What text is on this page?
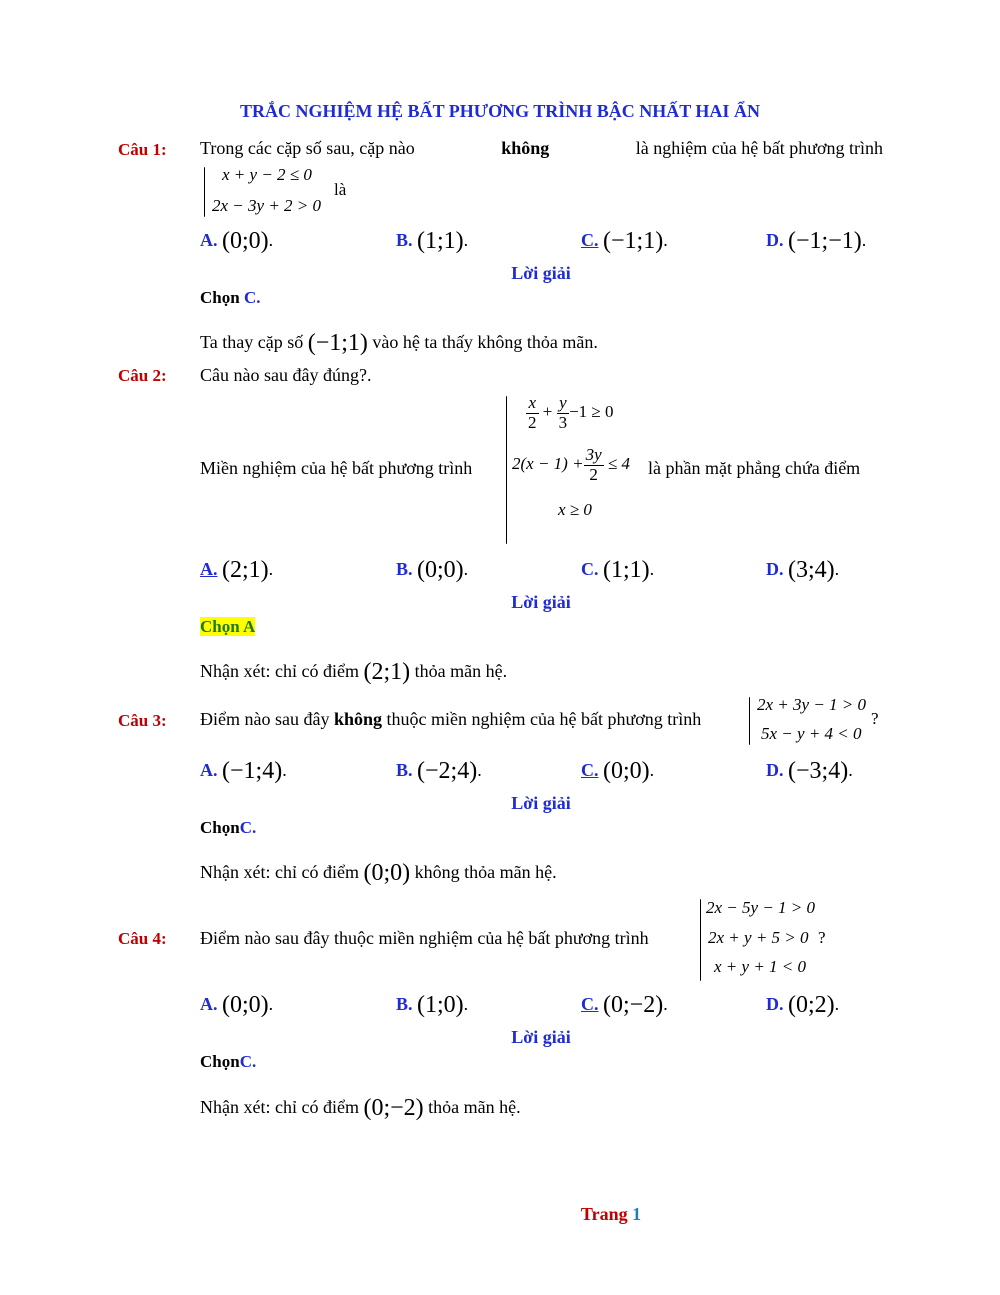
TRẮC NGHIỆM HỆ BẤT PHƯƠNG TRÌNH BẬC NHẤT HAI ẨN
Câu 1: Trong các cặp số sau, cặp nào	không	là nghiệm của hệ bất phương trình
x + y − 2 ≤ 0
2x − 3y + 2 > 0
là
A. (0;0).	B. (1;1).	C. (−1;1).	D. (−1;−1).
Lời giải
Chọn C.
Ta thay cặp số (−1;1) vào hệ ta thấy không thỏa mãn.
Câu 2: Câu nào sau đây đúng?.
Miền nghiệm của hệ bất phương trình
$\frac{x}{2} + \frac{y}{3} -1 \ge 0$
$2(x - 1) + \frac{3y}{2} \le 4$
x ≥ 0
là phần mặt phẳng chứa điểm
A. (2;1).	B. (0;0).	C. (1;1).	D. (3;4).
Lời giải
Chọn A
Nhận xét: chỉ có điểm (2;1) thỏa mãn hệ.
Câu 3: Điểm nào sau đây không thuộc miền nghiệm của hệ bất phương trình
2x + 3y − 1 > 0
5x − y + 4 < 0
?
A. (−1;4).	B. (−2;4).	C. (0;0).	D. (−3;4).
Lời giải
ChọnC.
Nhận xét: chỉ có điểm (0;0) không thỏa mãn hệ.
Câu 4: Điểm nào sau đây thuộc miền nghiệm của hệ bất phương trình
2x − 5y − 1 > 0
2x + y + 5 > 0
x + y + 1 < 0
?
A. (0;0).	B. (1;0).	C. (0;−2).	D. (0;2).
Lời giải
ChọnC.
Nhận xét: chỉ có điểm (0;−2) thỏa mãn hệ.
Trang 1
